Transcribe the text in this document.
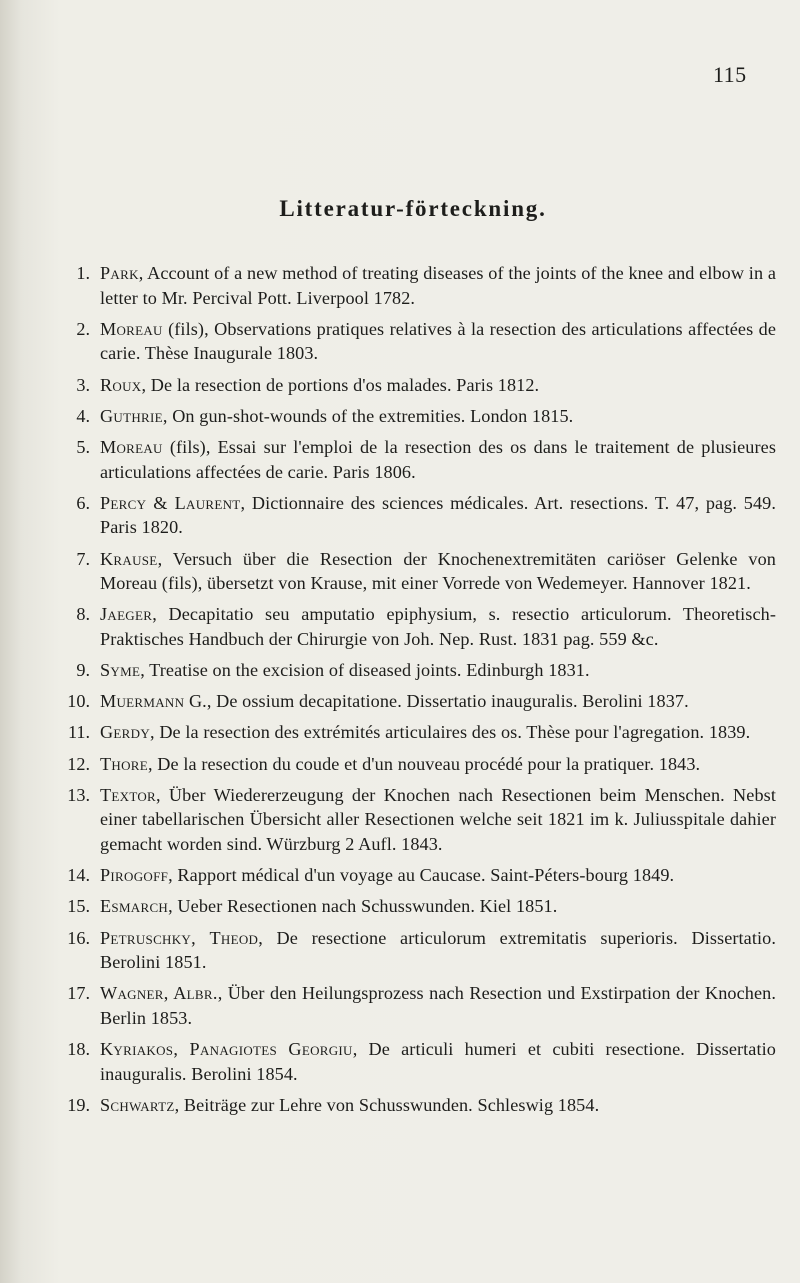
115
Litteratur-förteckning.
1. Park, Account of a new method of treating diseases of the joints of the knee and elbow in a letter to Mr. Percival Pott. Liverpool 1782.
2. Moreau (fils), Observations pratiques relatives à la resection des articulations affectées de carie. Thèse Inaugurale 1803.
3. Roux, De la resection de portions d'os malades. Paris 1812.
4. Guthrie, On gun-shot-wounds of the extremities. London 1815.
5. Moreau (fils), Essai sur l'emploi de la resection des os dans le traitement de plusieures articulations affectées de carie. Paris 1806.
6. Percy & Laurent, Dictionnaire des sciences médicales. Art. resections. T. 47, pag. 549. Paris 1820.
7. Krause, Versuch über die Resection der Knochenextremitäten cariöser Gelenke von Moreau (fils), übersetzt von Krause, mit einer Vorrede von Wedemeyer. Hannover 1821.
8. Jaeger, Decapitatio seu amputatio epiphysium, s. resectio articulorum. Theoretisch-Praktisches Handbuch der Chirurgie von Joh. Nep. Rust. 1831 pag. 559 &c.
9. Syme, Treatise on the excision of diseased joints. Edinburgh 1831.
10. Muermann G., De ossium decapitatione. Dissertatio inauguralis. Berolini 1837.
11. Gerdy, De la resection des extrémités articulaires des os. Thèse pour l'agregation. 1839.
12. Thore, De la resection du coude et d'un nouveau procédé pour la pratiquer. 1843.
13. Textor, Über Wiedererzeugung der Knochen nach Resectionen beim Menschen. Nebst einer tabellarischen Übersicht aller Resectionen welche seit 1821 im k. Juliusspitale dahier gemacht worden sind. Würzburg 2 Aufl. 1843.
14. Pirogoff, Rapport médical d'un voyage au Caucase. Saint-Péters-bourg 1849.
15. Esmarch, Ueber Resectionen nach Schusswunden. Kiel 1851.
16. Petruschky, Theod, De resectione articulorum extremitatis superioris. Dissertatio. Berolini 1851.
17. Wagner, Albr., Über den Heilungsprozess nach Resection und Exstirpation der Knochen. Berlin 1853.
18. Kyriakos, Panagiotes Georgiu, De articuli humeri et cubiti resectione. Dissertatio inauguralis. Berolini 1854.
19. Schwartz, Beiträge zur Lehre von Schusswunden. Schleswig 1854.
